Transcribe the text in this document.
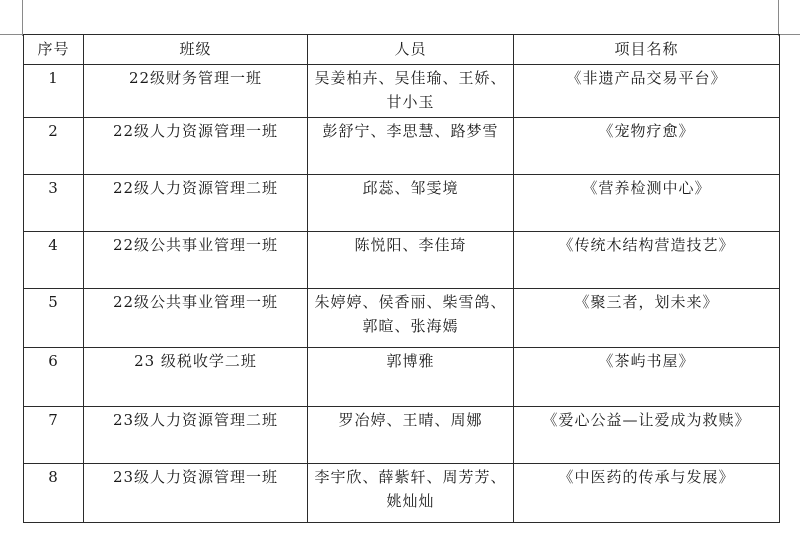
序号	班级	人员	项目名称
1	22级财务管理一班	吴姜柏卉、吴佳瑜、王娇、甘小玉	《非遗产品交易平台》
2	22级人力资源管理一班	彭舒宁、李思慧、路梦雪	《宠物疗愈》
3	22级人力资源管理二班	邱蕊、邹雯境	《营养检测中心》
4	22级公共事业管理一班	陈悦阳、李佳琦	《传统木结构营造技艺》
5	22级公共事业管理一班	朱婷婷、侯香丽、柴雪鸽、郭暄、张海嫣	《聚三者，划未来》
6	23 级税收学二班	郭博雅	《茶屿书屋》
7	23级人力资源管理二班	罗冶婷、王晴、周娜	《爱心公益—让爱成为救赎》
8	23级人力资源管理一班	李宇欣、薛紫轩、周芳芳、姚灿灿	《中医药的传承与发展》
